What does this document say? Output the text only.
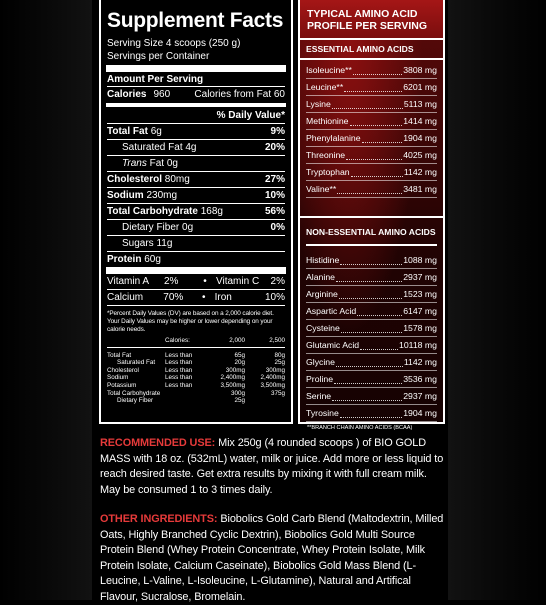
Supplement Facts
Serving Size 4 scoops (250 g)
Servings per Container
Amount Per Serving
Calories 960 Calories from Fat 60
% Daily Value*
Total Fat 6g	9%
Saturated Fat 4g	20%
Trans Fat 0g
Cholesterol 80mg	27%
Sodium 230mg	10%
Total Carbohydrate 168g	56%
Dietary Fiber 0g	0%
Sugars 11g
Protein 60g
Vitamin A	2%	• Vitamin C	2%
Calcium	70%	• Iron	10%
*Percent Daily Values (DV) are based on a 2,000 calorie diet. Your Daily Values may be higher or lower depending on your calorie needs.
	Calories:	2,000	2,500
Total Fat	Less than	65g	80g
Saturated Fat	Less than	20g	25g
Cholesterol	Less than	300mg	300mg
Sodium	Less than	2,400mg	2,400mg
Potassium	Less than	3,500mg	3,500mg
Total Carbohydrate		300g	375g
Dietary Fiber		25g	
TYPICAL AMINO ACID PROFILE PER SERVING
ESSENTIAL AMINO ACIDS
Isoleucine**	3808 mg
Leucine**	6201 mg
Lysine	5113 mg
Methionine	1414 mg
Phenylalanine	1904 mg
Threonine	4025 mg
Tryptophan	1142 mg
Valine**	3481 mg
NON-ESSENTIAL AMINO ACIDS
Histidine	1088 mg
Alanine	2937 mg
Arginine	1523 mg
Aspartic Acid	6147 mg
Cysteine	1578 mg
Glutamic Acid	10118 mg
Glycine	1142 mg
Proline	3536 mg
Serine	2937 mg
Tyrosine	1904 mg
**BRANCH CHAIN AMINO ACIDS (BCAA)
RECOMMENDED USE: Mix 250g (4 rounded scoops ) of BIO GOLD MASS with 18 oz. (532mL) water, milk or juice. Add more or less liquid to reach desired taste. Get extra results by mixing it with full cream milk. May be consumed 1 to 3 times daily.
OTHER INGREDIENTS: Biobolics Gold Carb Blend (Maltodextrin, Milled Oats, Highly Branched Cyclic Dextrin), Biobolics Gold Multi Source Protein Blend (Whey Protein Concentrate, Whey Protein Isolate, Milk Protein Isolate, Calcium Caseinate), Biobolics Gold Mass Blend (L-Leucine, L-Valine, L-Isoleucine, L-Glutamine), Natural and Artifical Flavour, Sucralose, Bromelain.
